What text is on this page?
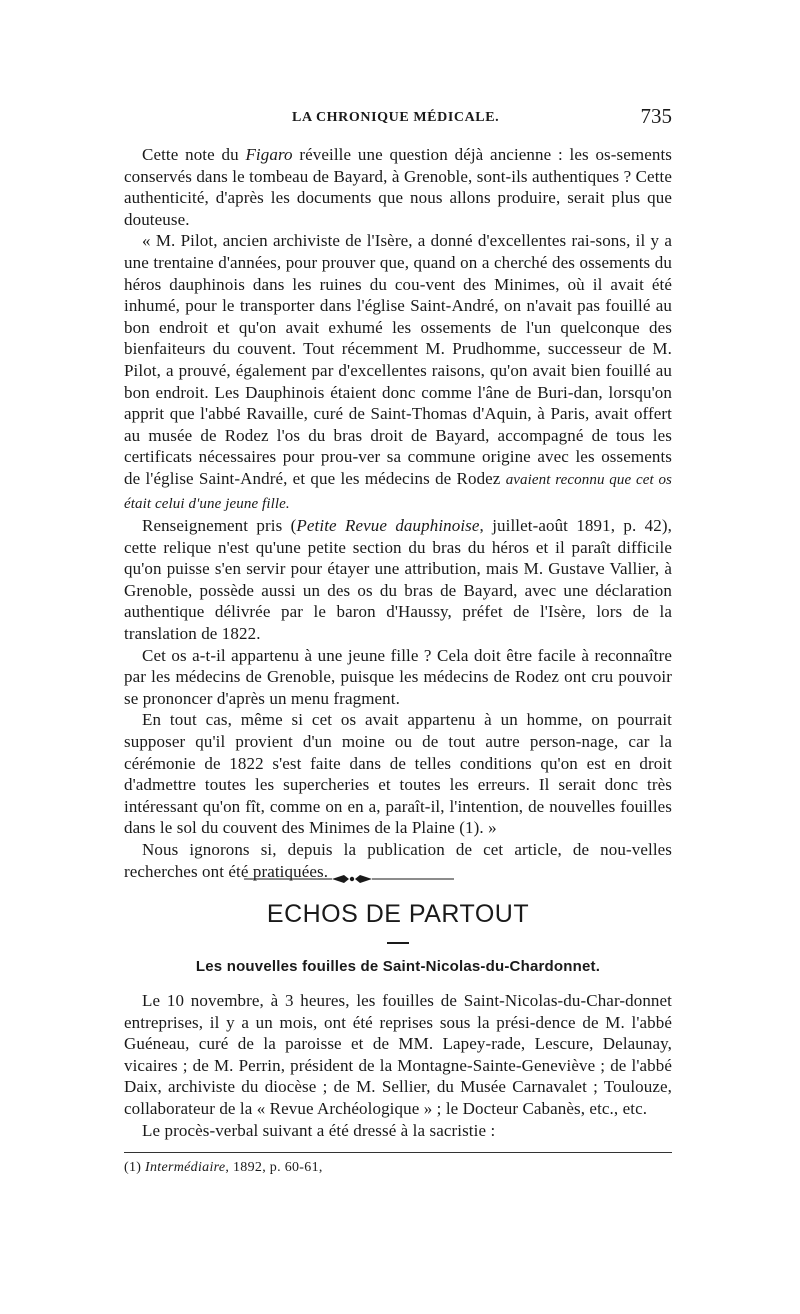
LA CHRONIQUE MÉDICALE.	735

Cette note du Figaro réveille une question déjà ancienne : les os-sements conservés dans le tombeau de Bayard, à Grenoble, sont-ils authentiques ? Cette authenticité, d'après les documents que nous allons produire, serait plus que douteuse.

« M. Pilot, ancien archiviste de l'Isère, a donné d'excellentes rai-sons, il y a une trentaine d'années, pour prouver que, quand on a cherché des ossements du héros dauphinois dans les ruines du cou-vent des Minimes, où il avait été inhumé, pour le transporter dans l'église Saint-André, on n'avait pas fouillé au bon endroit et qu'on avait exhumé les ossements de l'un quelconque des bienfaiteurs du couvent. Tout récemment M. Prudhomme, successeur de M. Pilot, a prouvé, également par d'excellentes raisons, qu'on avait bien fouillé au bon endroit. Les Dauphinois étaient donc comme l'âne de Buri-dan, lorsqu'on apprit que l'abbé Ravaille, curé de Saint-Thomas d'Aquin, à Paris, avait offert au musée de Rodez l'os du bras droit de Bayard, accompagné de tous les certificats nécessaires pour prou-ver sa commune origine avec les ossements de l'église Saint-André, et que les médecins de Rodez avaient reconnu que cet os était celui d'une jeune fille.

Renseignement pris (Petite Revue dauphinoise, juillet-août 1891, p. 42), cette relique n'est qu'une petite section du bras du héros et il paraît difficile qu'on puisse s'en servir pour étayer une attribution, mais M. Gustave Vallier, à Grenoble, possède aussi un des os du bras de Bayard, avec une déclaration authentique délivrée par le baron d'Haussy, préfet de l'Isère, lors de la translation de 1822.

Cet os a-t-il appartenu à une jeune fille ? Cela doit être facile à reconnaître par les médecins de Grenoble, puisque les médecins de Rodez ont cru pouvoir se prononcer d'après un menu fragment.

En tout cas, même si cet os avait appartenu à un homme, on pourrait supposer qu'il provient d'un moine ou de tout autre person-nage, car la cérémonie de 1822 s'est faite dans de telles conditions qu'on est en droit d'admettre toutes les supercheries et toutes les erreurs. Il serait donc très intéressant qu'on fît, comme on en a, paraît-il, l'intention, de nouvelles fouilles dans le sol du couvent des Minimes de la Plaine (1). »

Nous ignorons si, depuis la publication de cet article, de nou-velles recherches ont été pratiquées.

ECHOS DE PARTOUT
Les nouvelles fouilles de Saint-Nicolas-du-Chardonnet.

Le 10 novembre, à 3 heures, les fouilles de Saint-Nicolas-du-Char-donnet entreprises, il y a un mois, ont été reprises sous la prési-dence de M. l'abbé Guéneau, curé de la paroisse et de MM. Lapey-rade, Lescure, Delaunay, vicaires ; de M. Perrin, président de la Montagne-Sainte-Geneviève ; de l'abbé Daix, archiviste du diocèse ; de M. Sellier, du Musée Carnavalet ; Toulouze, collaborateur de la « Revue Archéologique » ; le Docteur Cabanès, etc., etc.

Le procès-verbal suivant a été dressé à la sacristie :

(1) Intermédiaire, 1892, p. 60-61,
